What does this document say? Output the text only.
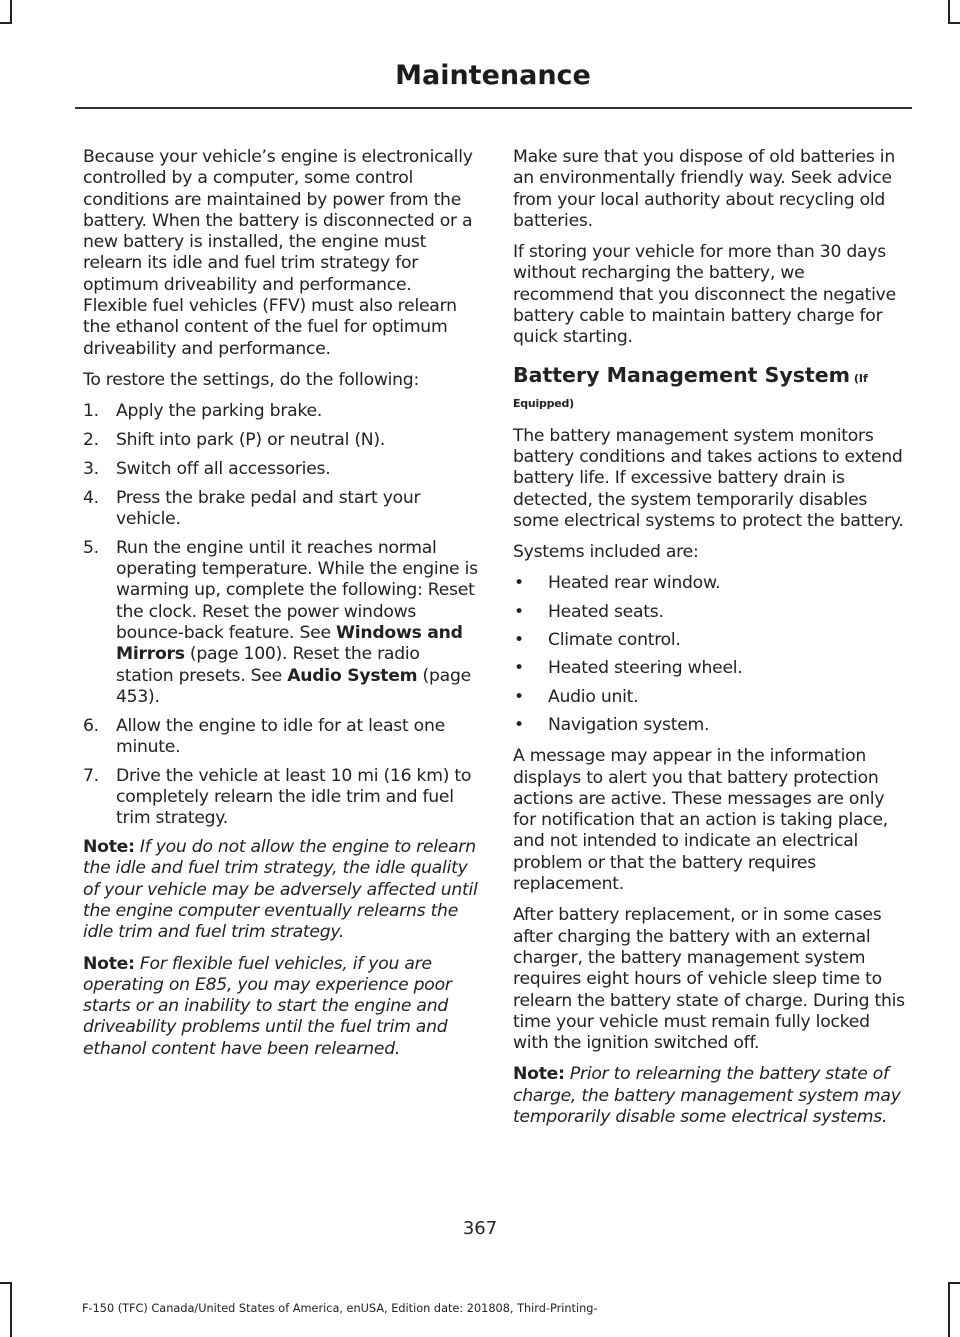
Maintenance

Because your vehicle’s engine is electronically controlled by a computer, some control conditions are maintained by power from the battery. When the battery is disconnected or a new battery is installed, the engine must relearn its idle and fuel trim strategy for optimum driveability and performance. Flexible fuel vehicles (FFV) must also relearn the ethanol content of the fuel for optimum driveability and performance.

To restore the settings, do the following:

1. Apply the parking brake.
2. Shift into park (P) or neutral (N).
3. Switch off all accessories.
4. Press the brake pedal and start your vehicle.
5. Run the engine until it reaches normal operating temperature. While the engine is warming up, complete the following: Reset the clock. Reset the power windows bounce-back feature. See Windows and Mirrors (page 100). Reset the radio station presets. See Audio System (page 453).
6. Allow the engine to idle for at least one minute.
7. Drive the vehicle at least 10 mi (16 km) to completely relearn the idle trim and fuel trim strategy.

Note: If you do not allow the engine to relearn the idle and fuel trim strategy, the idle quality of your vehicle may be adversely affected until the engine computer eventually relearns the idle trim and fuel trim strategy.

Note: For flexible fuel vehicles, if you are operating on E85, you may experience poor starts or an inability to start the engine and driveability problems until the fuel trim and ethanol content have been relearned.

Make sure that you dispose of old batteries in an environmentally friendly way. Seek advice from your local authority about recycling old batteries.

If storing your vehicle for more than 30 days without recharging the battery, we recommend that you disconnect the negative battery cable to maintain battery charge for quick starting.

Battery Management System (If
Equipped)

The battery management system monitors battery conditions and takes actions to extend battery life. If excessive battery drain is detected, the system temporarily disables some electrical systems to protect the battery.

Systems included are:

•	Heated rear window.
•	Heated seats.
•	Climate control.
•	Heated steering wheel.
•	Audio unit.
•	Navigation system.

A message may appear in the information displays to alert you that battery protection actions are active. These messages are only for notification that an action is taking place, and not intended to indicate an electrical problem or that the battery requires replacement.

After battery replacement, or in some cases after charging the battery with an external charger, the battery management system requires eight hours of vehicle sleep time to relearn the battery state of charge. During this time your vehicle must remain fully locked with the ignition switched off.

Note: Prior to relearning the battery state of charge, the battery management system may temporarily disable some electrical systems.

367
F-150 (TFC) Canada/United States of America, enUSA, Edition date: 201808, Third-Printing-
